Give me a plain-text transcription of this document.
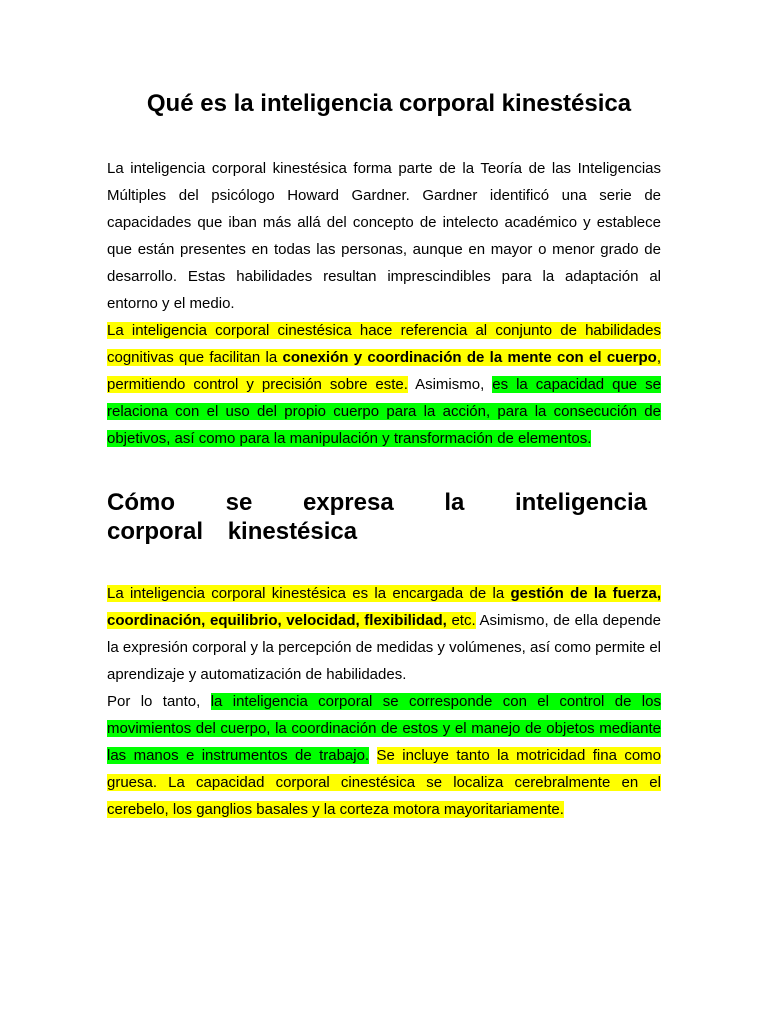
Qué es la inteligencia corporal kinestésica

La inteligencia corporal kinestésica forma parte de la Teoría de las Inteligencias Múltiples del psicólogo Howard Gardner. Gardner identificó una serie de capacidades que iban más allá del concepto de intelecto académico y establece que están presentes en todas las personas, aunque en mayor o menor grado de desarrollo. Estas habilidades resultan imprescindibles para la adaptación al entorno y el medio.

La inteligencia corporal cinestésica hace referencia al conjunto de habilidades cognitivas que facilitan la conexión y coordinación de la mente con el cuerpo, permitiendo control y precisión sobre este. Asimismo, es la capacidad que se relaciona con el uso del propio cuerpo para la acción, para la consecución de objetivos, así como para la manipulación y transformación de elementos.

Cómo se expresa la inteligencia corporal kinestésica

La inteligencia corporal kinestésica es la encargada de la gestión de la fuerza, coordinación, equilibrio, velocidad, flexibilidad, etc. Asimismo, de ella depende la expresión corporal y la percepción de medidas y volúmenes, así como permite el aprendizaje y automatización de habilidades.

Por lo tanto, la inteligencia corporal se corresponde con el control de los movimientos del cuerpo, la coordinación de estos y el manejo de objetos mediante las manos e instrumentos de trabajo. Se incluye tanto la motricidad fina como gruesa. La capacidad corporal cinestésica se localiza cerebralmente en el cerebelo, los ganglios basales y la corteza motora mayoritariamente.
